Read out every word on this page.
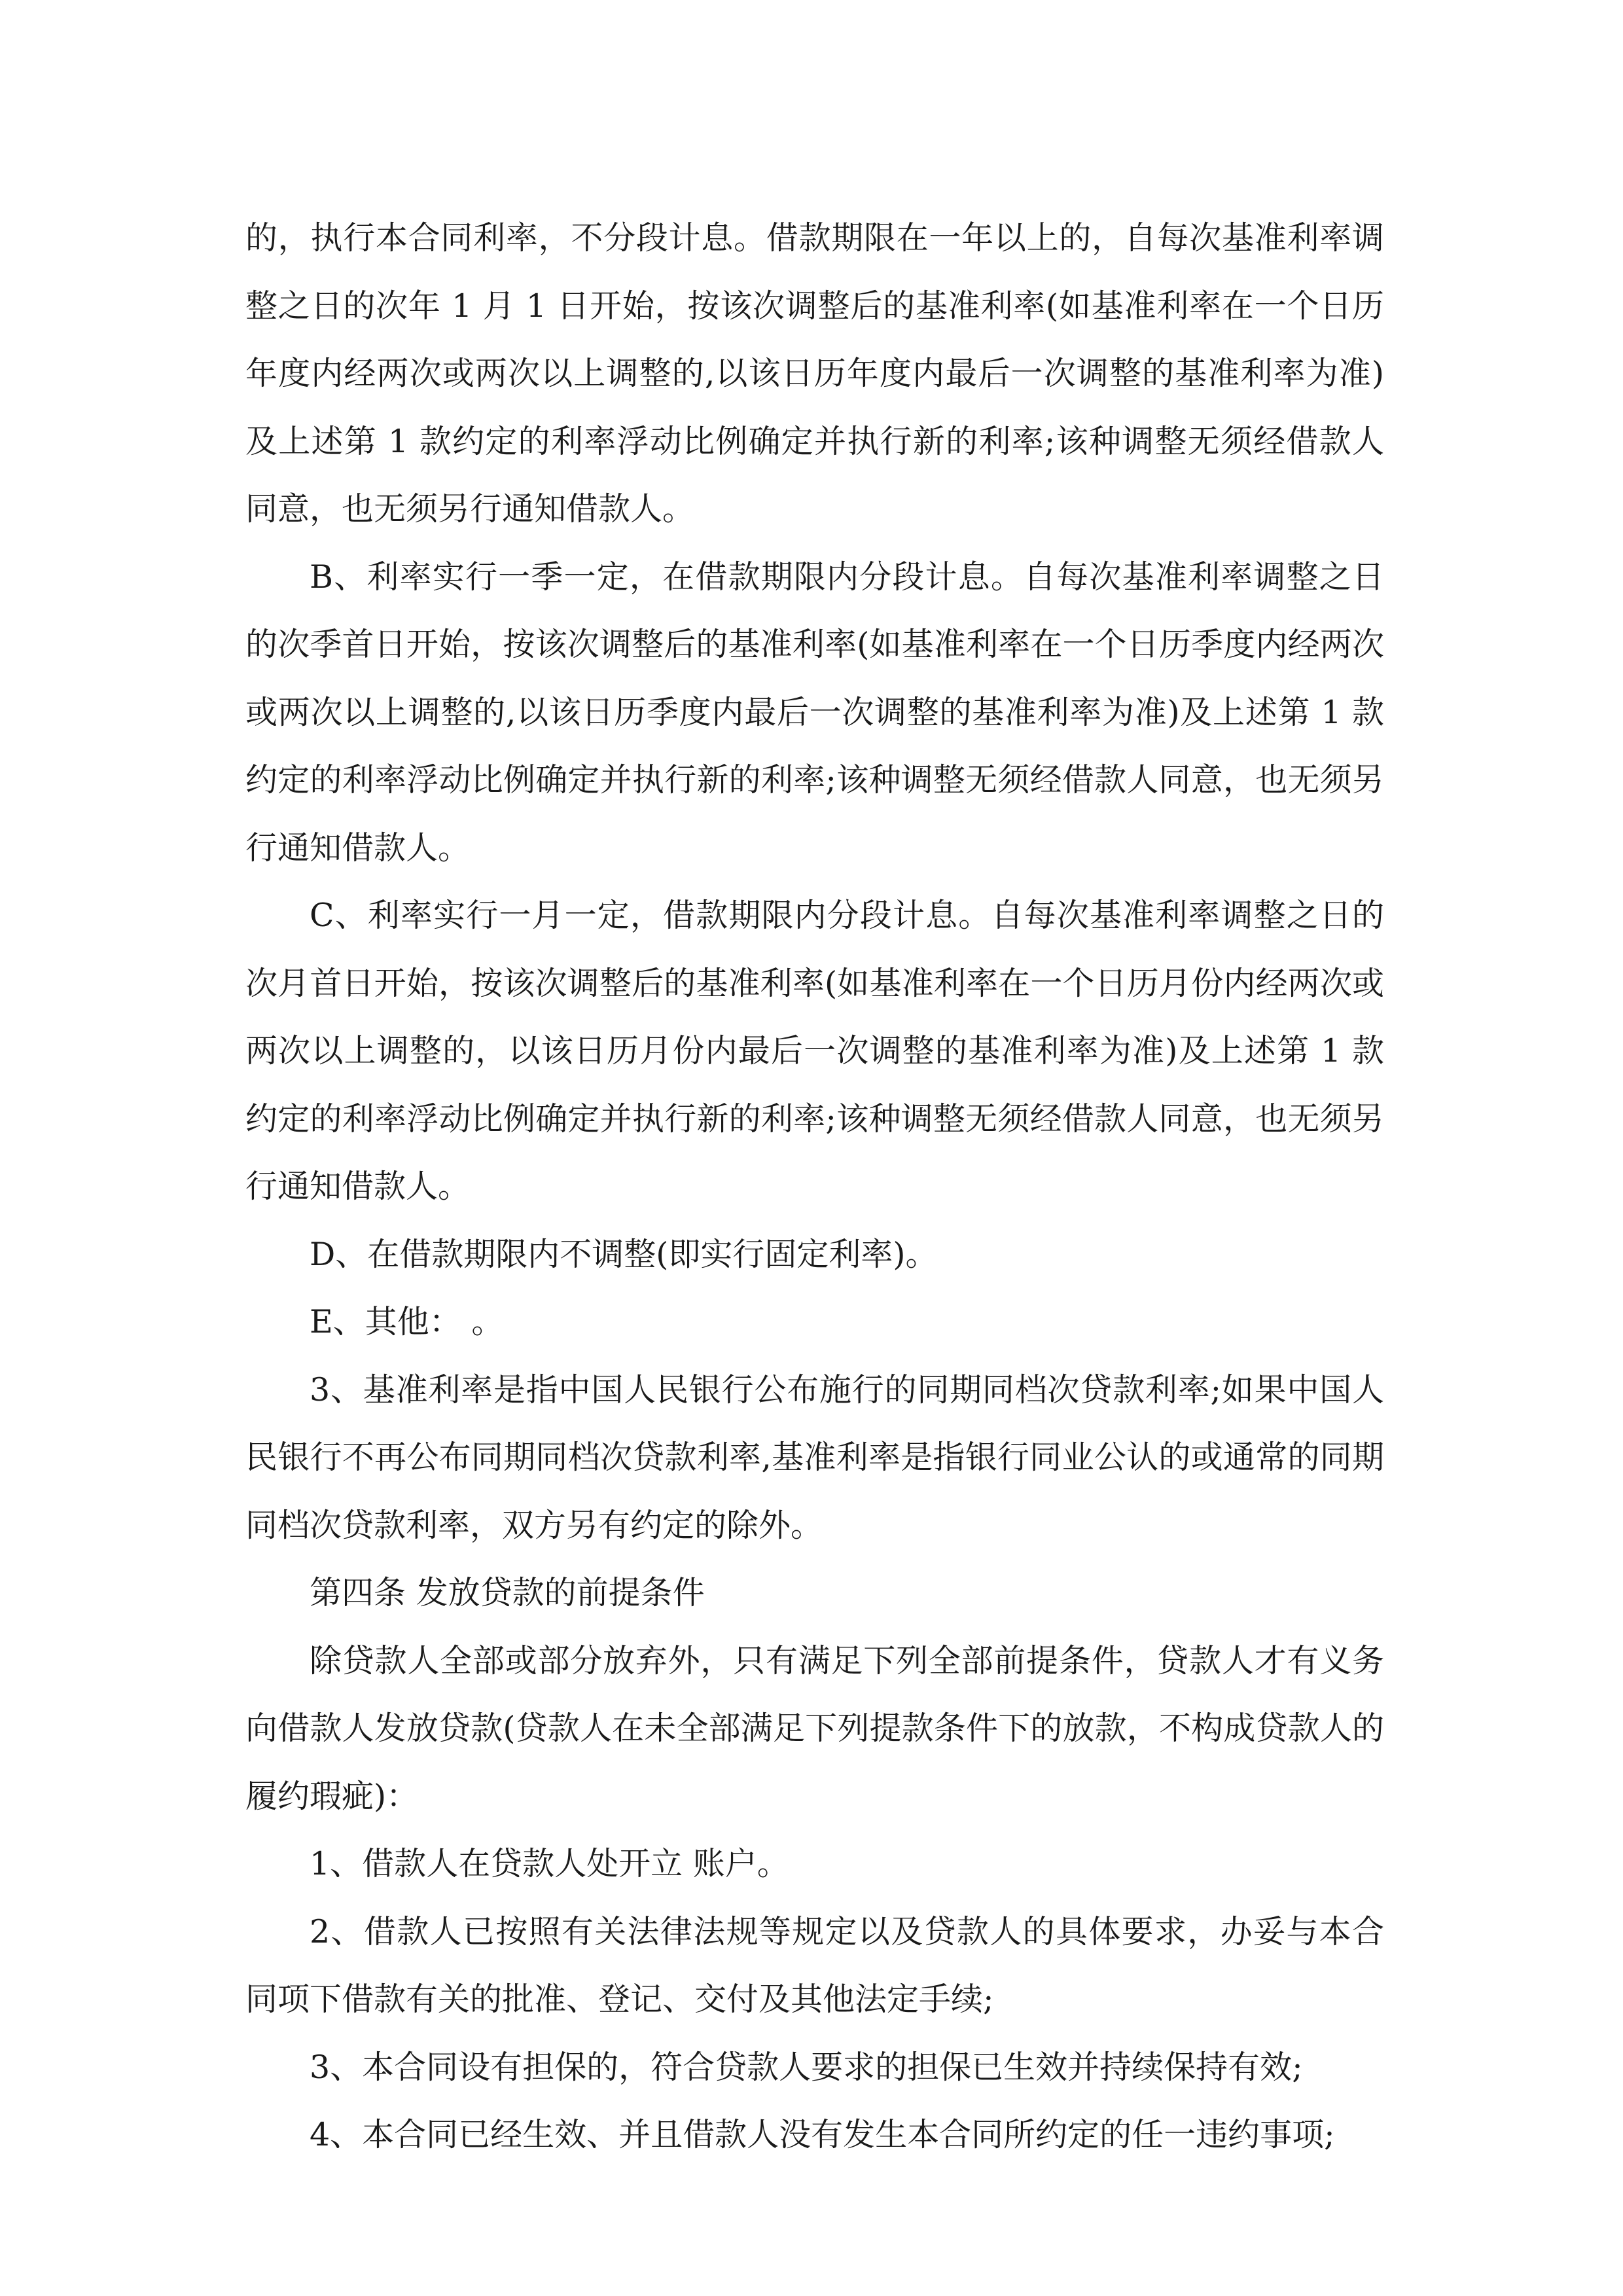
的，执行本合同利率，不分段计息。借款期限在一年以上的，自每次基准利率调整之日的次年 1 月 1 日开始，按该次调整后的基准利率(如基准利率在一个日历年度内经两次或两次以上调整的,以该日历年度内最后一次调整的基准利率为准)及上述第 1 款约定的利率浮动比例确定并执行新的利率;该种调整无须经借款人同意，也无须另行通知借款人。

B、利率实行一季一定，在借款期限内分段计息。自每次基准利率调整之日的次季首日开始，按该次调整后的基准利率(如基准利率在一个日历季度内经两次或两次以上调整的,以该日历季度内最后一次调整的基准利率为准)及上述第 1 款约定的利率浮动比例确定并执行新的利率;该种调整无须经借款人同意，也无须另行通知借款人。

C、利率实行一月一定，借款期限内分段计息。自每次基准利率调整之日的次月首日开始，按该次调整后的基准利率(如基准利率在一个日历月份内经两次或两次以上调整的，以该日历月份内最后一次调整的基准利率为准)及上述第 1 款约定的利率浮动比例确定并执行新的利率;该种调整无须经借款人同意，也无须另行通知借款人。

D、在借款期限内不调整(即实行固定利率)。

E、其他： 。

3、基准利率是指中国人民银行公布施行的同期同档次贷款利率;如果中国人民银行不再公布同期同档次贷款利率,基准利率是指银行同业公认的或通常的同期同档次贷款利率，双方另有约定的除外。

第四条 发放贷款的前提条件

除贷款人全部或部分放弃外，只有满足下列全部前提条件，贷款人才有义务向借款人发放贷款(贷款人在未全部满足下列提款条件下的放款，不构成贷款人的履约瑕疵)：

1、借款人在贷款人处开立 账户。

2、借款人已按照有关法律法规等规定以及贷款人的具体要求，办妥与本合同项下借款有关的批准、登记、交付及其他法定手续;

3、本合同设有担保的，符合贷款人要求的担保已生效并持续保持有效;

4、本合同已经生效、并且借款人没有发生本合同所约定的任一违约事项;
